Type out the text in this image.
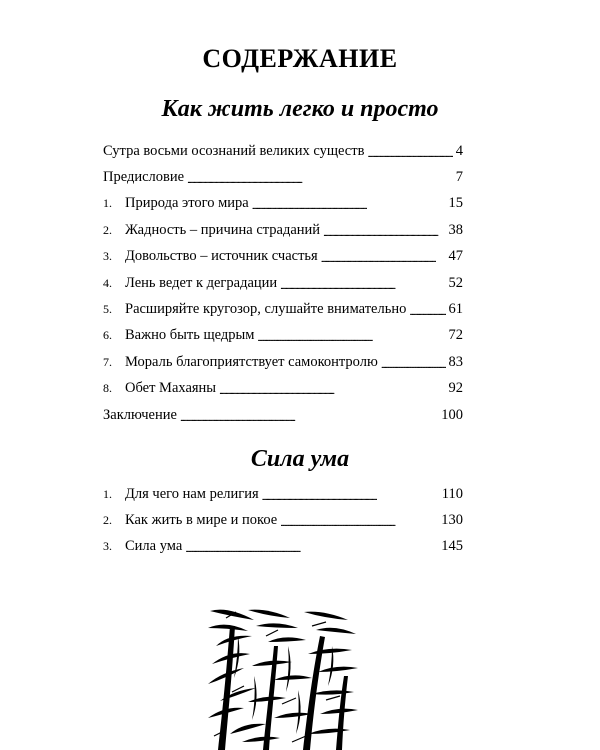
СОДЕРЖАНИЕ
Как жить легко и просто
Сутра восьми осознаний великих существ . . .	4
Предисловие . . .	7
1. Природа этого мира . . .	15
2. Жадность – причина страданий . . .	38
3. Довольство – источник счастья . . .	47
4. Лень ведет к деградации . . .	52
5. Расширяйте кругозор, слушайте внимательно . . .	61
6. Важно быть щедрым . . .	72
7. Мораль благоприятствует самоконтролю . . .	83
8. Обет Махаяны . . .	92
Заключение . . .	100
Сила ума
1. Для чего нам религия . . .	110
2. Как жить в мире и покое . . .	130
3. Сила ума . . .	145
